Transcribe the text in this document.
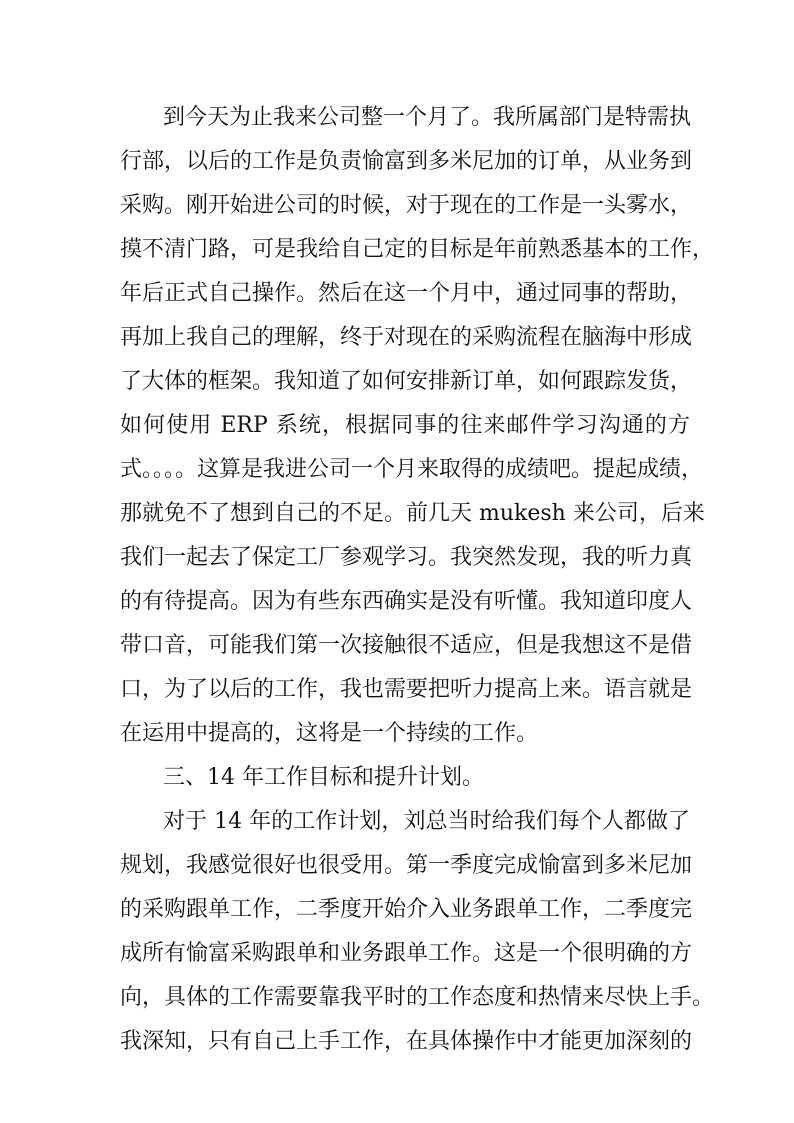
到今天为止我来公司整一个月了。我所属部门是特需执
行部，以后的工作是负责愉富到多米尼加的订单，从业务到
采购。刚开始进公司的时候，对于现在的工作是一头雾水，
摸不清门路，可是我给自己定的目标是年前熟悉基本的工作，
年后正式自己操作。然后在这一个月中，通过同事的帮助，
再加上我自己的理解，终于对现在的采购流程在脑海中形成
了大体的框架。我知道了如何安排新订单，如何跟踪发货，
如何使用 ERP 系统，根据同事的往来邮件学习沟通的方
式。。。。这算是我进公司一个月来取得的成绩吧。提起成绩，
那就免不了想到自己的不足。前几天 mukesh 来公司，后来
我们一起去了保定工厂参观学习。我突然发现，我的听力真
的有待提高。因为有些东西确实是没有听懂。我知道印度人
带口音，可能我们第一次接触很不适应，但是我想这不是借
口，为了以后的工作，我也需要把听力提高上来。语言就是
在运用中提高的，这将是一个持续的工作。
三、14 年工作目标和提升计划。
对于 14 年的工作计划，刘总当时给我们每个人都做了
规划，我感觉很好也很受用。第一季度完成愉富到多米尼加
的采购跟单工作，二季度开始介入业务跟单工作，二季度完
成所有愉富采购跟单和业务跟单工作。这是一个很明确的方
向，具体的工作需要靠我平时的工作态度和热情来尽快上手。
我深知，只有自己上手工作，在具体操作中才能更加深刻的
